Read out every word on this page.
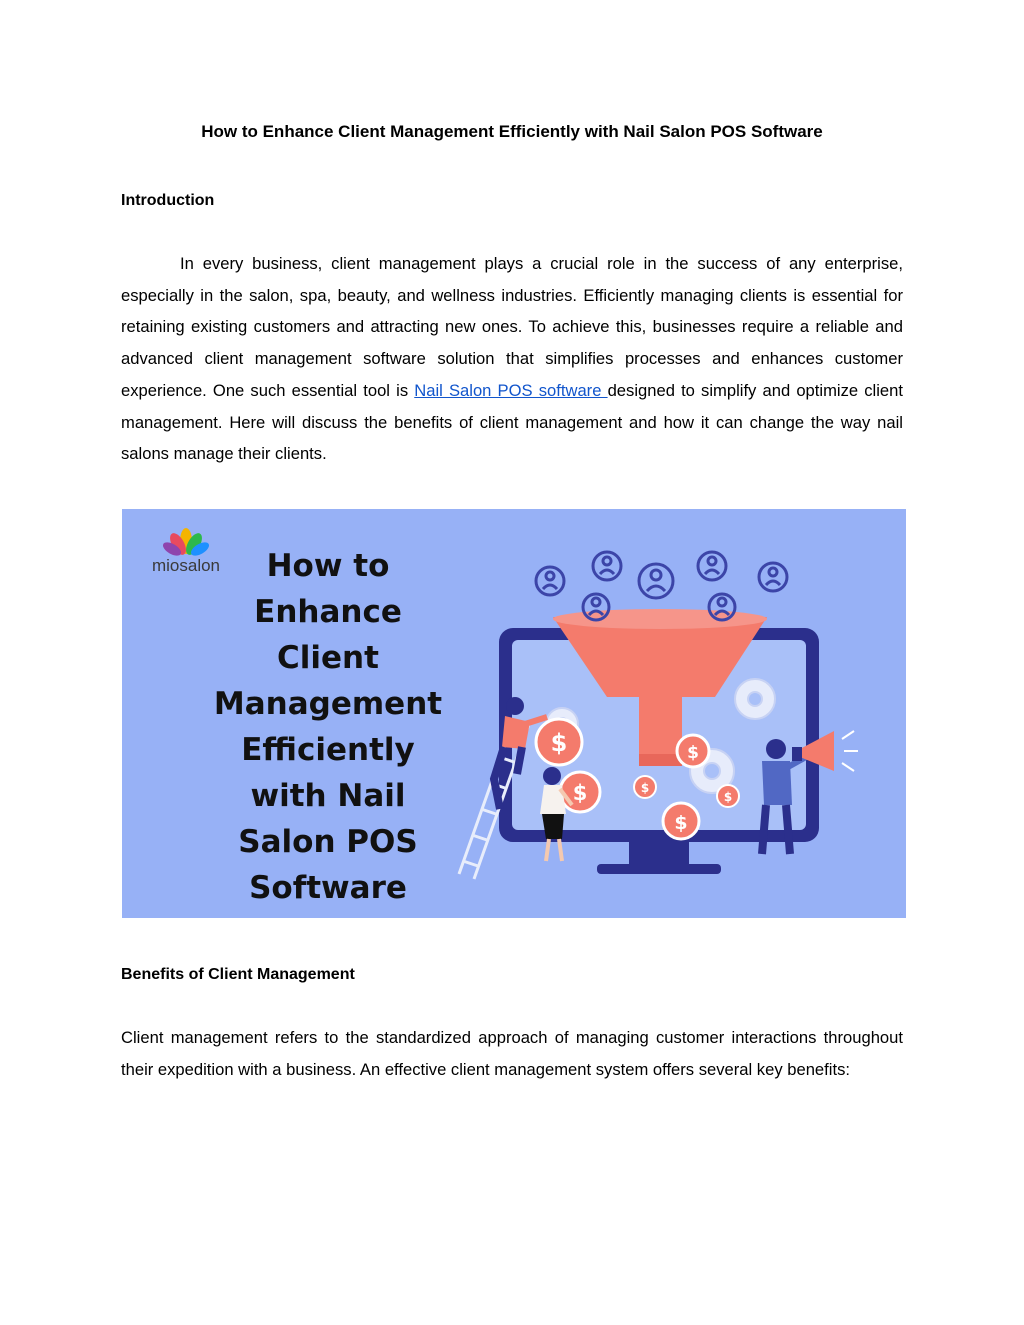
How to Enhance Client Management Efficiently with Nail Salon POS Software
Introduction

In every business, client management plays a crucial role in the success of any enterprise, especially in the salon, spa, beauty, and wellness industries. Efficiently managing clients is essential for retaining existing customers and attracting new ones. To achieve this, businesses require a reliable and advanced client management software solution that simplifies processes and enhances customer experience. One such essential tool is Nail Salon POS software designed to simplify and optimize client management. Here will discuss the benefits of client management and how it can change the way nail salons manage their clients.

miosalon How to
Enhance
Client
Management
Efficiently
with Nail
Salon POS
Software
$
$
$
$
$
$
Benefits of Client Management

Client management refers to the standardized approach of managing customer interactions throughout their expedition with a business. An effective client management system offers several key benefits:
